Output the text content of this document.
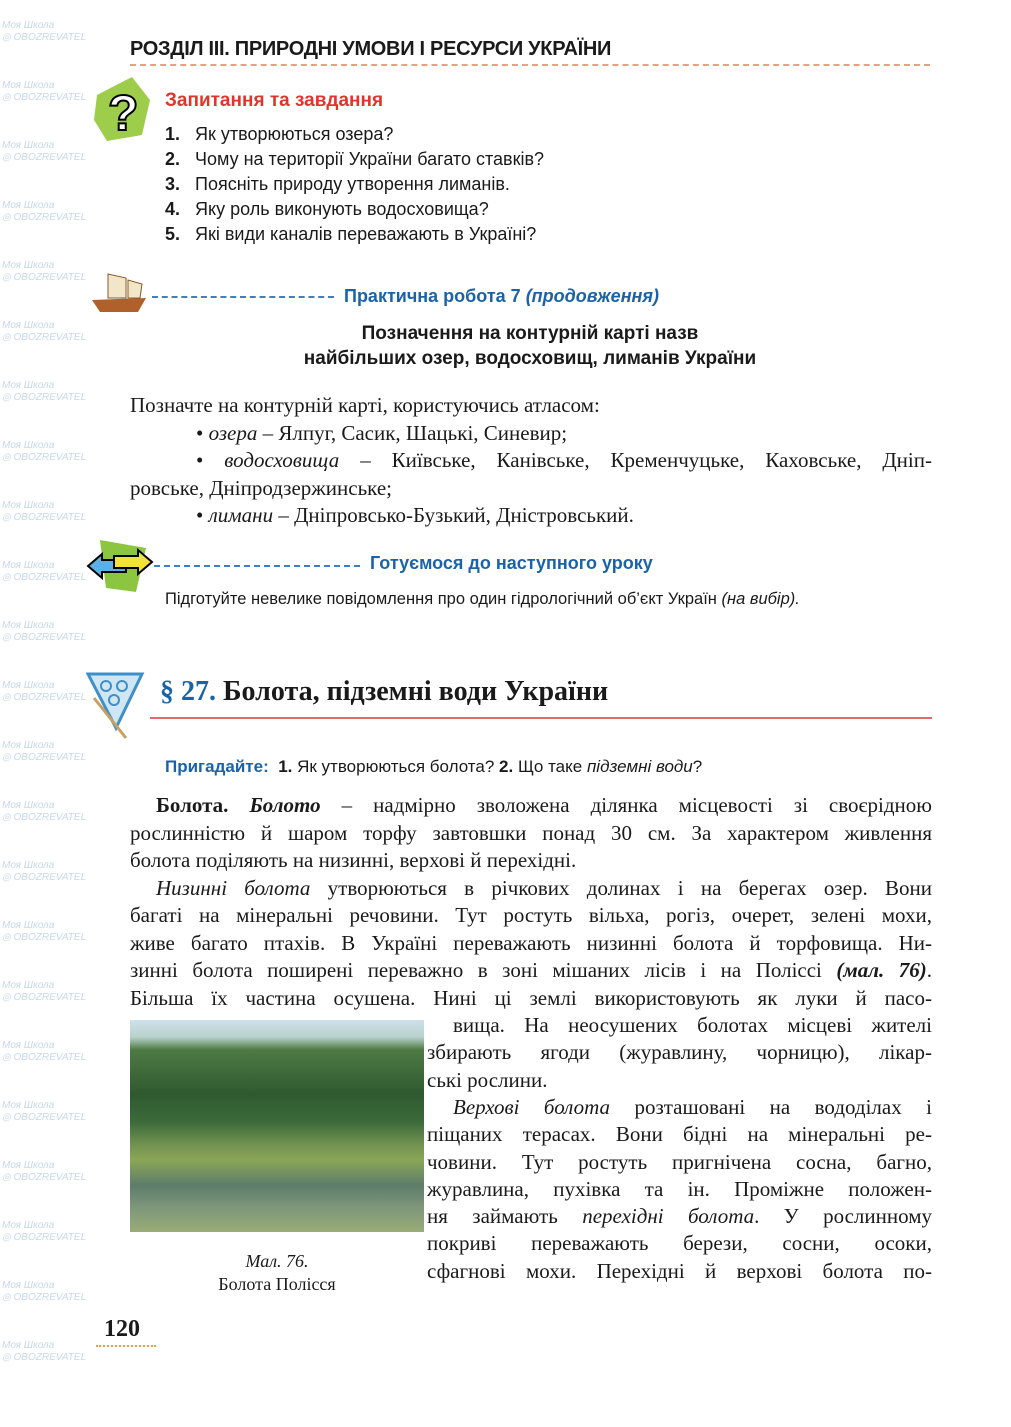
РОЗДІЛ ІІІ. ПРИРОДНІ УМОВИ І РЕСУРСИ УКРАЇНИ
? Запитання та завдання
1. Як утворюються озера?
2. Чому на території України багато ставків?
3. Поясніть природу утворення лиманів.
4. Яку роль виконують водосховища?
5. Які види каналів переважають в Україні?
Практична робота 7 (продовження)
Позначення на контурній карті назв
найбільших озер, водосховищ, лиманів України
Позначте на контурній карті, користуючись атласом:
• озера – Ялпуг, Сасик, Шацькі, Синевир;
• водосховища – Київське, Канівське, Кременчуцьке, Каховське, Дніп-
ровське, Дніпродзержинське;
• лимани – Дніпровсько-Бузький, Дністровський.
Готуємося до наступного уроку
Підготуйте невелике повідомлення про один гідрологічний об’єкт Україн (на вибір).
§ 27. Болота, підземні води України
Пригадайте: 1. Як утворюються болота? 2. Що таке підземні води?
Болота. Болото – надмірно зволожена ділянка місцевості зі своєрідною
рослинністю й шаром торфу завтовшки понад 30 см. За характером живлення
болота поділяють на низинні, верхові й перехідні.
Низинні болота утворюються в річкових долинах і на берегах озер. Вони
багаті на мінеральні речовини. Тут ростуть вільха, рогіз, очерет, зелені мохи,
живе багато птахів. В Україні переважають низинні болота й торфовища. Ни-
зинні болота поширені переважно в зоні мішаних лісів і на Поліссі (мал. 76).
Більша їх частина осушена. Нині ці землі використовують як луки й пасо-
вища. На неосушених болотах місцеві жителі
збирають ягоди (журавлину, чорницю), лікар-
ські рослини.
Верхові болота розташовані на вододілах і
піщаних терасах. Вони бідні на мінеральні ре-
човини. Тут ростуть пригнічена сосна, багно,
журавлина, пухівка та ін. Проміжне положен-
ня займають перехідні болота. У рослинному
покриві переважають берези, сосни, осоки,
сфагнові мохи. Перехідні й верхові болота по-
Мал. 76.
Болота Полісся
120
Моя Школа
◎ OBOZREVATEL
Моя Школа
◎ OBOZREVATEL
Моя Школа
◎ OBOZREVATEL
Моя Школа
◎ OBOZREVATEL
Моя Школа
◎ OBOZREVATEL
Моя Школа
◎ OBOZREVATEL
Моя Школа
◎ OBOZREVATEL
Моя Школа
◎ OBOZREVATEL
Моя Школа
◎ OBOZREVATEL
Моя Школа
◎ OBOZREVATEL
Моя Школа
◎ OBOZREVATEL
Моя Школа
◎ OBOZREVATEL
Моя Школа
◎ OBOZREVATEL
Моя Школа
◎ OBOZREVATEL
Моя Школа
◎ OBOZREVATEL
Моя Школа
◎ OBOZREVATEL
Моя Школа
◎ OBOZREVATEL
Моя Школа
◎ OBOZREVATEL
Моя Школа
◎ OBOZREVATEL
Моя Школа
◎ OBOZREVATEL
Моя Школа
◎ OBOZREVATEL
Моя Школа
◎ OBOZREVATEL
Моя Школа
◎ OBOZREVATEL
